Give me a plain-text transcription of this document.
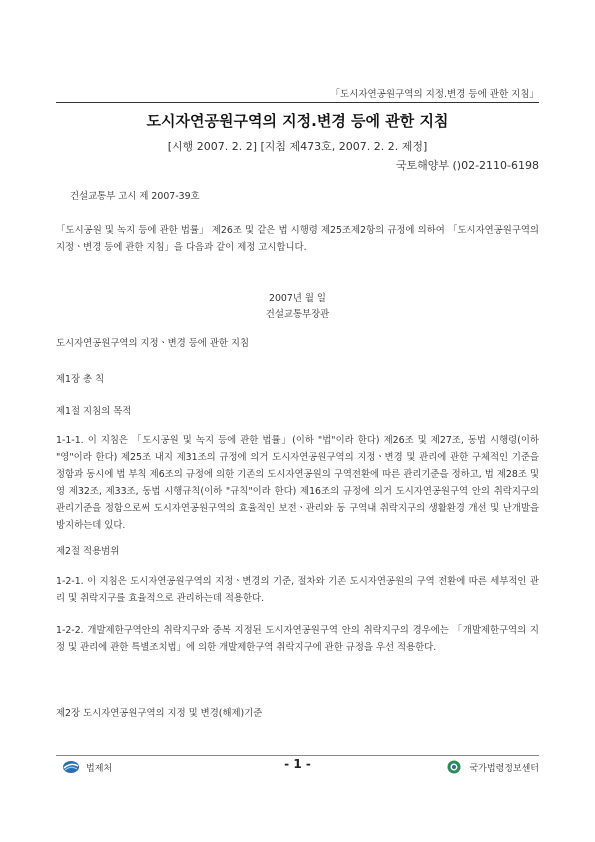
「도시자연공원구역의 지정.변경 등에 관한 지침」
도시자연공원구역의 지정.변경 등에 관한 지침
[시행 2007. 2. 2] [지침 제473호, 2007. 2. 2. 제정]
국토해양부 ()02-2110-6198

건설교통부 고시 제 2007-39호

「도시공원 및 녹지 등에 관한 법률」 제26조 및 같은 법 시행령 제25조제2항의 규정에 의하여 「도시자연공원구역의 지정ㆍ변경 등에 관한 지침」을 다음과 같이 제정 고시합니다.

2007년 월 일
건설교통부장관

도시자연공원구역의 지정ㆍ변경 등에 관한 지침

제1장 총 칙

제1절 지침의 목적

1-1-1. 이 지침은 「도시공원 및 녹지 등에 관한 법률」(이하 "법"이라 한다) 제26조 및 제27조, 동법 시행령(이하 "영"이라 한다) 제25조 내지 제31조의 규정에 의거 도시자연공원구역의 지정ㆍ변경 및 관리에 관한 구체적인 기준을 정함과 동시에 법 부칙 제6조의 규정에 의한 기존의 도시자연공원의 구역전환에 따른 관리기준을 정하고, 법 제28조 및 영 제32조, 제33조, 동법 시행규칙(이하 "규칙"이라 한다) 제16조의 규정에 의거 도시자연공원구역 안의 취락지구의 관리기준을 정함으로써 도시자연공원구역의 효율적인 보전ㆍ관리와 동 구역내 취락지구의 생활환경 개선 및 난개발을 방지하는데 있다.

제2절 적용범위

1-2-1. 이 지침은 도시자연공원구역의 지정ㆍ변경의 기준, 절차와 기존 도시자연공원의 구역 전환에 따른 세부적인 관리 및 취락지구를 효율적으로 관리하는데 적용한다.

1-2-2. 개발제한구역안의 취락지구와 중복 지정된 도시자연공원구역 안의 취락지구의 경우에는 「개발제한구역의 지정 및 관리에 관한 특별조치법」에 의한 개발제한구역 취락지구에 관한 규정을 우선 적용한다.

제2장 도시자연공원구역의 지정 및 변경(해제)기준

법제처	- 1 -	국가법령정보센터
